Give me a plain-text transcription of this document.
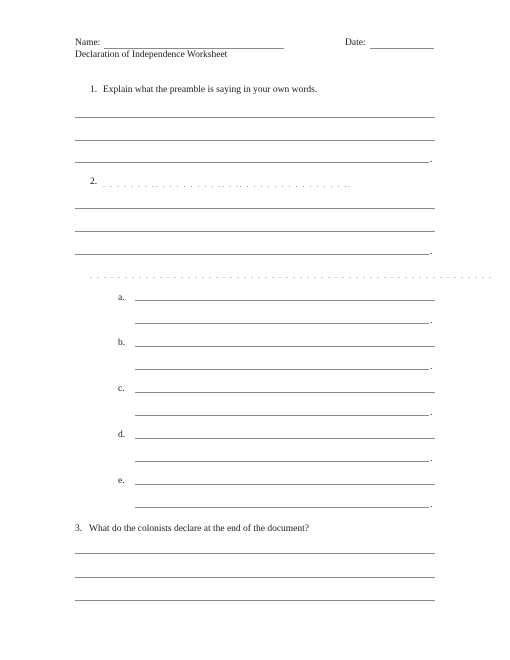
Name:	Date:
Declaration of Independence Worksheet
1. Explain what the preamble is saying in your own words.
.
2. . . . . . . . .. . . . . . . . . .. . .. . . . . . . . . . . . . . . ..
.
. . . . . . . . . . . . . . . . . . . . . . . . . . . . . . . . . . . . . . . . . . . . . . . . . . . . . . . . . .
a.
.
b.
.
c.
.
d.
.
e.
.
3. What do the colonists declare at the end of the document?
